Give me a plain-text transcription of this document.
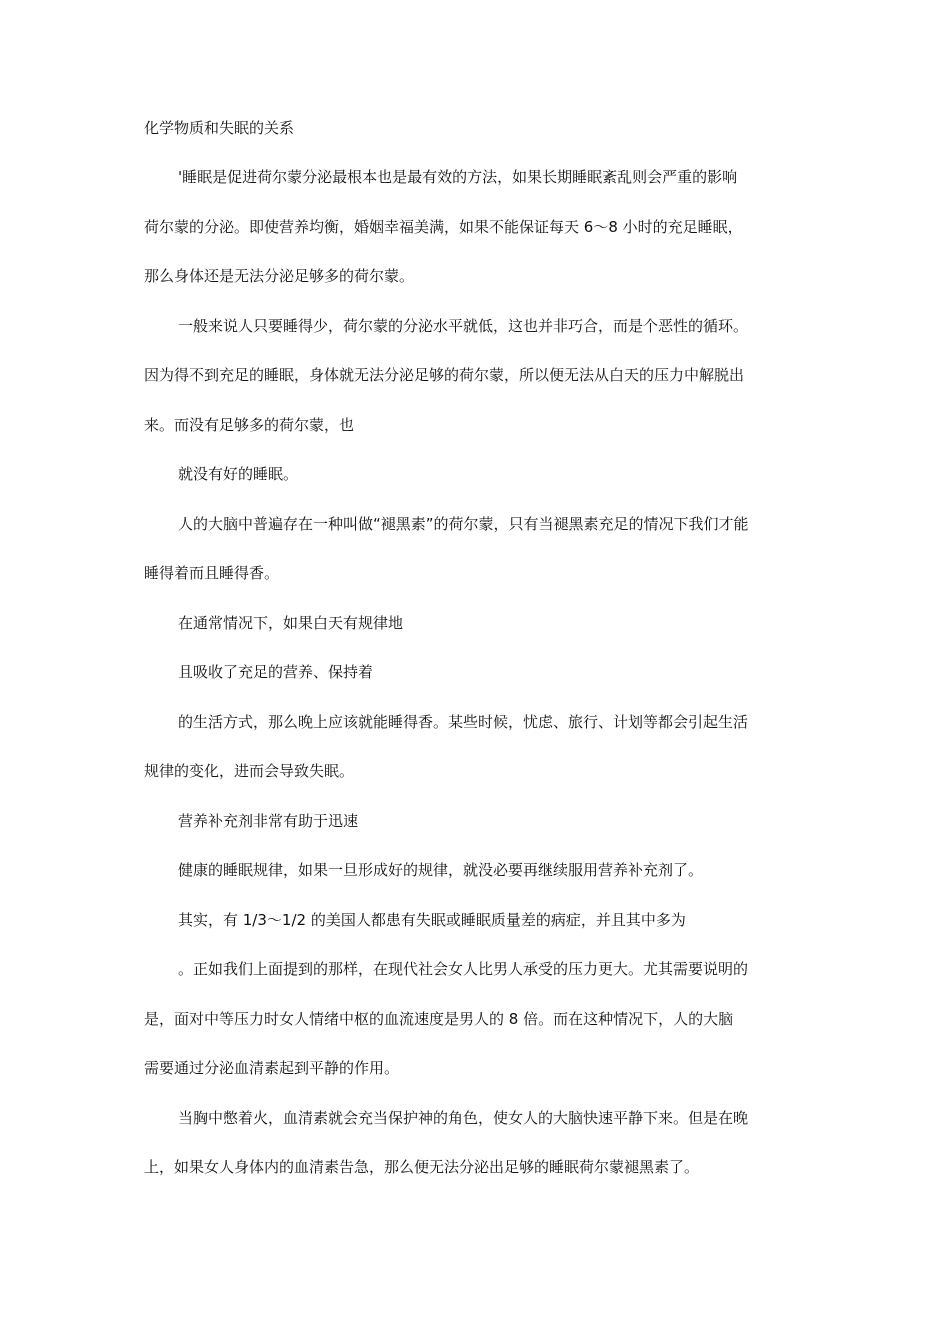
化学物质和失眠的关系
'睡眠是促进荷尔蒙分泌最根本也是最有效的方法，如果长期睡眠紊乱则会严重的影响
荷尔蒙的分泌。即使营养均衡，婚姻幸福美满，如果不能保证每天 6～8 小时的充足睡眠，
那么身体还是无法分泌足够多的荷尔蒙。
一般来说人只要睡得少，荷尔蒙的分泌水平就低，这也并非巧合，而是个恶性的循环。
因为得不到充足的睡眠，身体就无法分泌足够的荷尔蒙，所以便无法从白天的压力中解脱出
来。而没有足够多的荷尔蒙，也
就没有好的睡眠。
人的大脑中普遍存在一种叫做“褪黑素”的荷尔蒙，只有当褪黑素充足的情况下我们才能
睡得着而且睡得香。
在通常情况下，如果白天有规律地
且吸收了充足的营养、保持着
的生活方式，那么晚上应该就能睡得香。某些时候，忧虑、旅行、计划等都会引起生活
规律的变化，进而会导致失眠。
营养补充剂非常有助于迅速
健康的睡眠规律，如果一旦形成好的规律，就没必要再继续服用营养补充剂了。
其实，有 1/3～1/2 的美国人都患有失眠或睡眠质量差的病症，并且其中多为
。正如我们上面提到的那样，在现代社会女人比男人承受的压力更大。尤其需要说明的
是，面对中等压力时女人情绪中枢的血流速度是男人的 8 倍。而在这种情况下，人的大脑
需要通过分泌血清素起到平静的作用。
当胸中憋着火，血清素就会充当保护神的角色，使女人的大脑快速平静下来。但是在晚
上，如果女人身体内的血清素告急，那么便无法分泌出足够的睡眠荷尔蒙褪黑素了。
